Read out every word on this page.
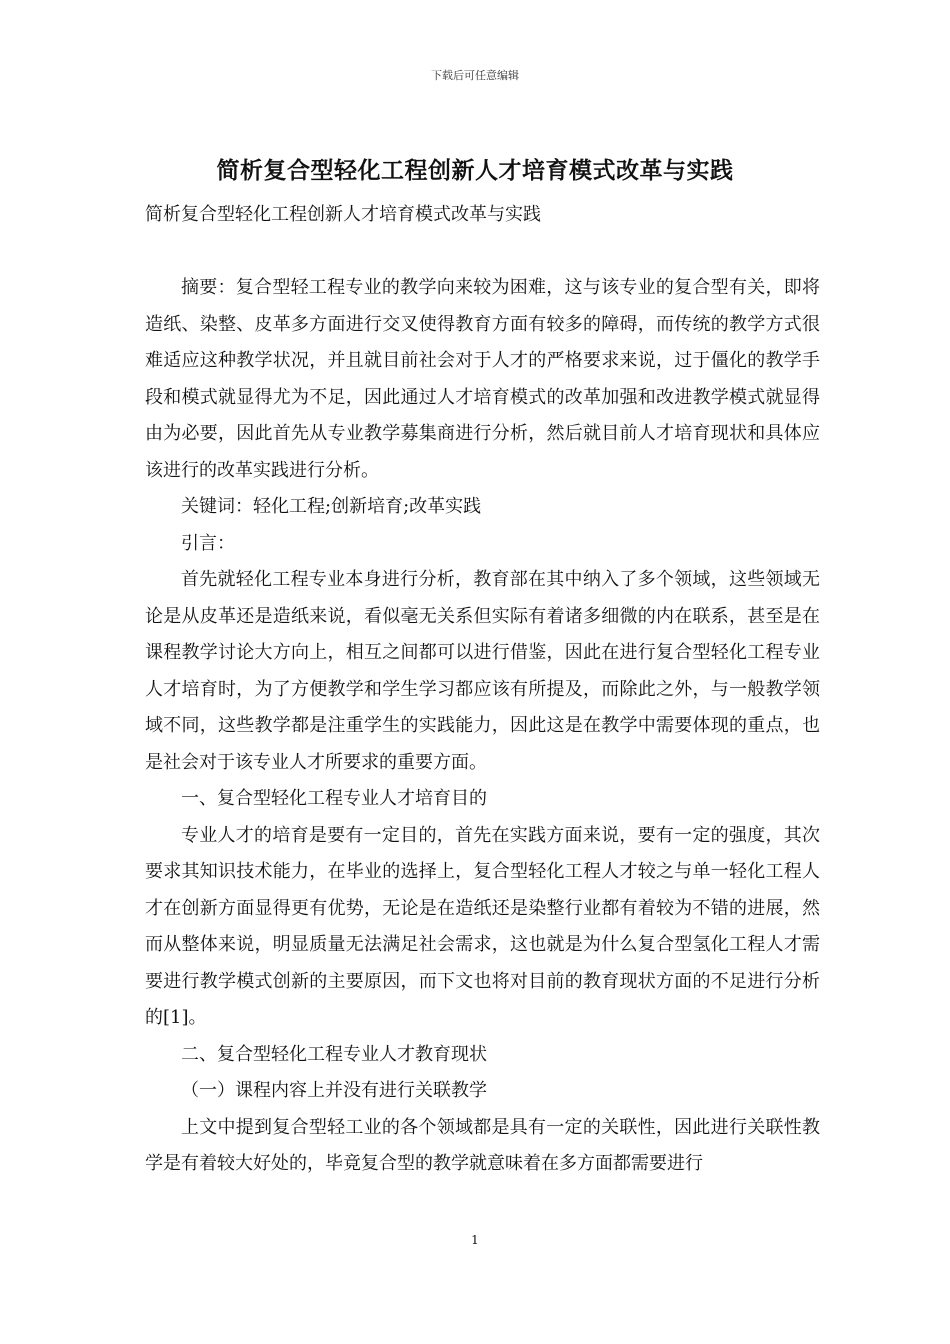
下载后可任意编辑
简析复合型轻化工程创新人才培育模式改革与实践
简析复合型轻化工程创新人才培育模式改革与实践

摘要：复合型轻工程专业的教学向来较为困难，这与该专业的复合型有关，即将造纸、染整、皮革多方面进行交叉使得教育方面有较多的障碍，而传统的教学方式很难适应这种教学状况，并且就目前社会对于人才的严格要求来说，过于僵化的教学手段和模式就显得尤为不足，因此通过人才培育模式的改革加强和改进教学模式就显得由为必要，因此首先从专业教学募集商进行分析，然后就目前人才培育现状和具体应该进行的改革实践进行分析。

关键词：轻化工程;创新培育;改革实践

引言：

首先就轻化工程专业本身进行分析，教育部在其中纳入了多个领域，这些领域无论是从皮革还是造纸来说，看似毫无关系但实际有着诸多细微的内在联系，甚至是在课程教学讨论大方向上，相互之间都可以进行借鉴，因此在进行复合型轻化工程专业人才培育时，为了方便教学和学生学习都应该有所提及，而除此之外，与一般教学领域不同，这些教学都是注重学生的实践能力，因此这是在教学中需要体现的重点，也是社会对于该专业人才所要求的重要方面。

一、复合型轻化工程专业人才培育目的

专业人才的培育是要有一定目的，首先在实践方面来说，要有一定的强度，其次要求其知识技术能力，在毕业的选择上，复合型轻化工程人才较之与单一轻化工程人才在创新方面显得更有优势，无论是在造纸还是染整行业都有着较为不错的进展，然而从整体来说，明显质量无法满足社会需求，这也就是为什么复合型氢化工程人才需要进行教学模式创新的主要原因，而下文也将对目前的教育现状方面的不足进行分析的[1]。

二、复合型轻化工程专业人才教育现状

（一）课程内容上并没有进行关联教学

上文中提到复合型轻工业的各个领域都是具有一定的关联性，因此进行关联性教学是有着较大好处的，毕竟复合型的教学就意味着在多方面都需要进行

1
